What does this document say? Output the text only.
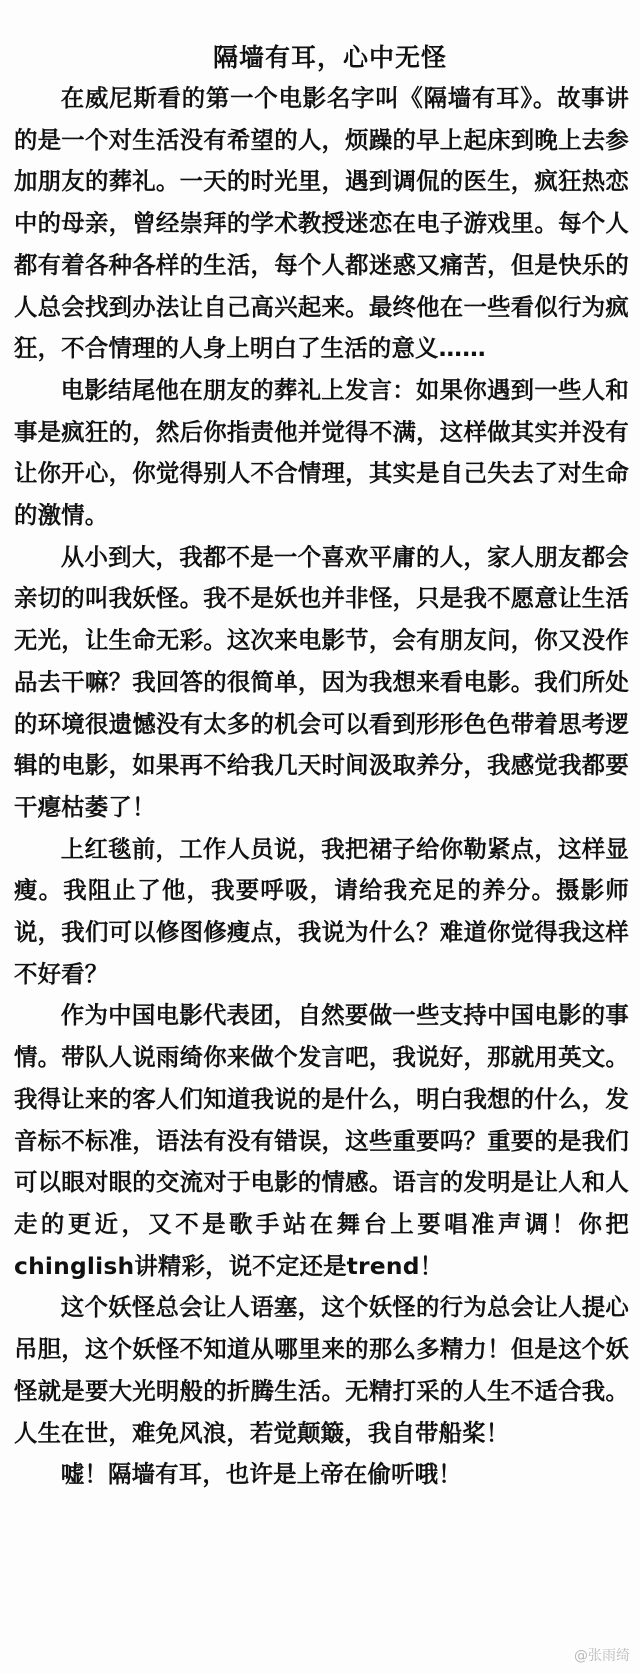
隔墙有耳，心中无怪

在威尼斯看的第一个电影名字叫《隔墙有耳》。故事讲的是一个对生活没有希望的人，烦躁的早上起床到晚上去参加朋友的葬礼。一天的时光里，遇到调侃的医生，疯狂热恋中的母亲，曾经崇拜的学术教授迷恋在电子游戏里。每个人都有着各种各样的生活，每个人都迷惑又痛苦，但是快乐的人总会找到办法让自己高兴起来。最终他在一些看似行为疯狂，不合情理的人身上明白了生活的意义……

电影结尾他在朋友的葬礼上发言：如果你遇到一些人和事是疯狂的，然后你指责他并觉得不满，这样做其实并没有让你开心，你觉得别人不合情理，其实是自己失去了对生命的激情。

从小到大，我都不是一个喜欢平庸的人，家人朋友都会亲切的叫我妖怪。我不是妖也并非怪，只是我不愿意让生活无光，让生命无彩。这次来电影节，会有朋友问，你又没作品去干嘛？我回答的很简单，因为我想来看电影。我们所处的环境很遗憾没有太多的机会可以看到形形色色带着思考逻辑的电影，如果再不给我几天时间汲取养分，我感觉我都要干瘪枯萎了！

上红毯前，工作人员说，我把裙子给你勒紧点，这样显瘦。我阻止了他，我要呼吸，请给我充足的养分。摄影师说，我们可以修图修瘦点，我说为什么？难道你觉得我这样不好看？

作为中国电影代表团，自然要做一些支持中国电影的事情。带队人说雨绮你来做个发言吧，我说好，那就用英文。我得让来的客人们知道我说的是什么，明白我想的什么，发音标不标准，语法有没有错误，这些重要吗？重要的是我们可以眼对眼的交流对于电影的情感。语言的发明是让人和人走的更近，又不是歌手站在舞台上要唱准声调！你把chinglish讲精彩，说不定还是trend！

这个妖怪总会让人语塞，这个妖怪的行为总会让人提心吊胆，这个妖怪不知道从哪里来的那么多精力！但是这个妖怪就是要大光明般的折腾生活。无精打采的人生不适合我。人生在世，难免风浪，若觉颠簸，我自带船桨！

嘘！隔墙有耳，也许是上帝在偷听哦！

@张雨绮
